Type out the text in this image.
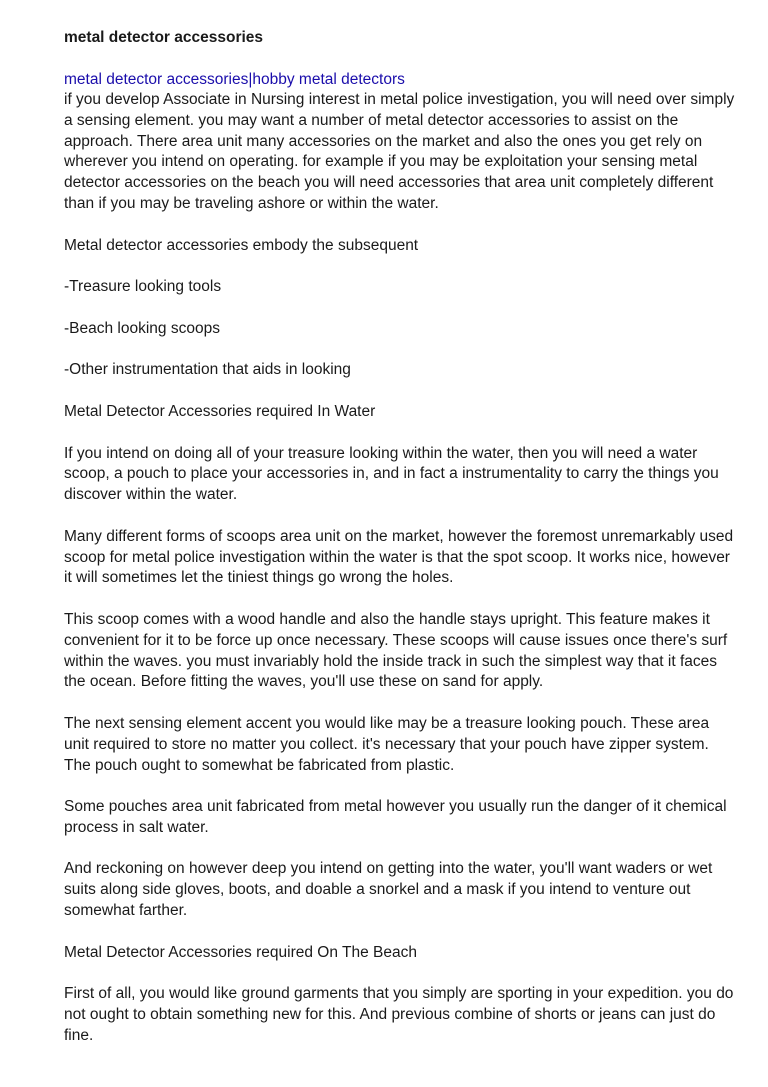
metal detector accessories
metal detector accessories|hobby metal detectors

if you develop Associate in Nursing interest in metal police investigation, you will need over simply a sensing element. you may want a number of metal detector accessories to assist on the approach. There area unit many accessories on the market and also the ones you get rely on wherever you intend on operating. for example if you may be exploitation your sensing metal detector accessories on the beach you will need accessories that area unit completely different than if you may be traveling ashore or within the water.

Metal detector accessories embody the subsequent

-Treasure looking tools

-Beach looking scoops

-Other instrumentation that aids in looking

Metal Detector Accessories required In Water

If you intend on doing all of your treasure looking within the water, then you will need a water scoop, a pouch to place your accessories in, and in fact a instrumentality to carry the things you discover within the water.

Many different forms of scoops area unit on the market, however the foremost unremarkably used scoop for metal police investigation within the water is that the spot scoop. It works nice, however it will sometimes let the tiniest things go wrong the holes.

This scoop comes with a wood handle and also the handle stays upright. This feature makes it convenient for it to be force up once necessary. These scoops will cause issues once there's surf within the waves. you must invariably hold the inside track in such the simplest way that it faces the ocean. Before fitting the waves, you'll use these on sand for apply.

The next sensing element accent you would like may be a treasure looking pouch. These area unit required to store no matter you collect. it's necessary that your pouch have zipper system. The pouch ought to somewhat be fabricated from plastic.

Some pouches area unit fabricated from metal however you usually run the danger of it chemical process in salt water.

And reckoning on however deep you intend on getting into the water, you'll want waders or wet suits along side gloves, boots, and doable a snorkel and a mask if you intend to venture out somewhat farther.

Metal Detector Accessories required On The Beach

First of all, you would like ground garments that you simply are sporting in your expedition. you do not ought to obtain something new for this. And previous combine of shorts or jeans can just do fine.
